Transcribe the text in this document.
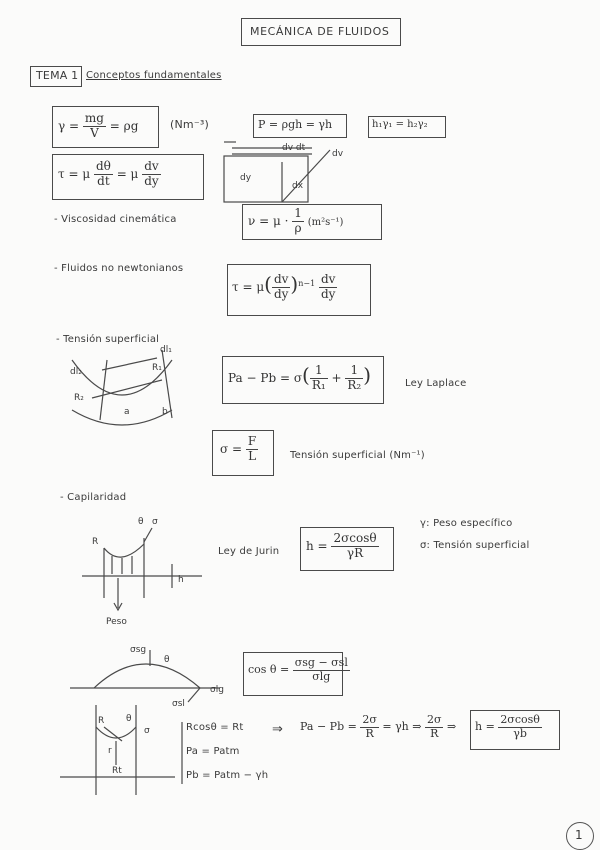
MECÁNICA DE FLUIDOS
TEMA 1 Conceptos fundamentales
$\gamma = \frac{mg}{V} = \rho g$	(Nm⁻³)	P = ρgh = γh	h₁γ₁ = h₂γ₂
τ = μ $\frac{d\theta}{dt} = \mu \frac{dv}{dy}$
dv dt
dy
dx
dv
- Viscosidad cinemática	$\nu = \mu \cdot \frac{1}{\rho} (m^2s^{-1})$
- Fluidos no newtonianos
$\tau = \mu( \frac{dv}{dy} )^{n-1} \frac{dv}{dy}$
- Tensión superficial
dl₂
dl₁
R₁
R₂
a	b
$Pa - Pb = \sigma( \frac{1}{\text{R₁}} + \frac{1}{\text{R₂}}$ )	Ley Laplace
$\sigma = \frac{F}{L}$	Tensión superficial (Nm⁻¹)
- Capilaridad
R
θ σ
h
Peso
Ley de Jurin $h = \frac{2\sigma\cos\theta}{\gamma R}$
γ: Peso específico
σ: Tensión superficial
σsg
θ
σsl
σlg
$\cos \theta = \frac{\text{σsg − σsl}}{\sigma\lg}$
R θ
r
Rt
σ	Rcosθ = Rt
Pa = Patm
Pb = Patm − γh
⇒ $Pa - Pb = \frac{2\sigma}{R} = \gamma h$ ⇒ $\frac{2\sigma}{R}$ ⇒ $h = \frac{2\sigma\cos\theta}{\gamma b}$
1
